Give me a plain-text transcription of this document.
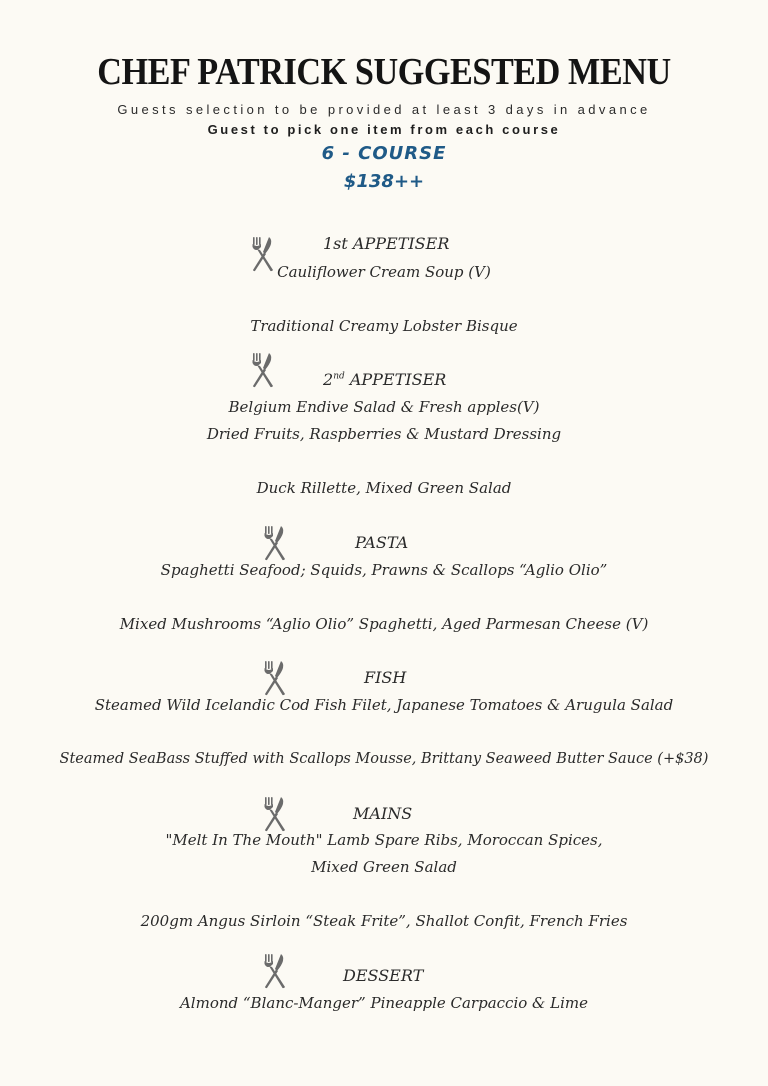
CHEF PATRICK SUGGESTED MENU
Guests selection to be provided at least 3 days in advance
Guest to pick one item from each course
6 - COURSE
$138++
1st APPETISER
Cauliflower Cream Soup (V)
Traditional Creamy Lobster Bisque
2nd APPETISER
Belgium Endive Salad & Fresh apples(V)
Dried Fruits, Raspberries & Mustard Dressing
Duck Rillette, Mixed Green Salad
PASTA
Spaghetti Seafood; Squids, Prawns & Scallops “Aglio Olio”
Mixed Mushrooms “Aglio Olio” Spaghetti, Aged Parmesan Cheese (V)
FISH
Steamed Wild Icelandic Cod Fish Filet, Japanese Tomatoes & Arugula Salad
Steamed SeaBass Stuffed with Scallops Mousse, Brittany Seaweed Butter Sauce (+$38)
MAINS
"Melt In The Mouth" Lamb Spare Ribs, Moroccan Spices,
Mixed Green Salad
200gm Angus Sirloin “Steak Frite”, Shallot Confit, French Fries
DESSERT
Almond “Blanc-Manger” Pineapple Carpaccio & Lime
